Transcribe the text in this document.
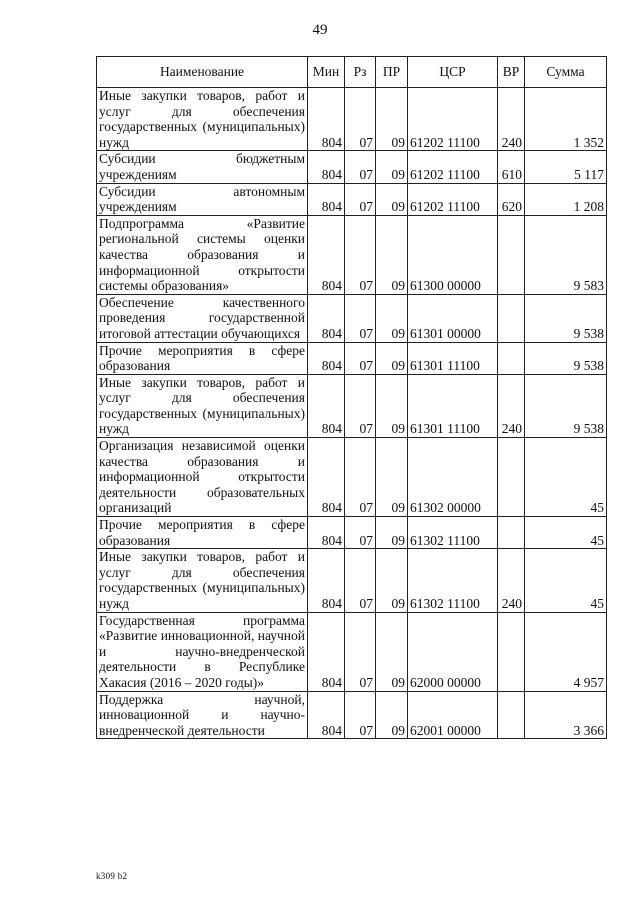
49
Наименование	Мин	Рз	ПР	ЦСР	ВР	Сумма
Иные закупки товаров, работ и услуг для обеспечения государственных (муниципальных) нужд	804	07	09	61202 11100	240	1 352
Субсидии бюджетным учреждениям	804	07	09	61202 11100	610	5 117
Субсидии автономным учреждениям	804	07	09	61202 11100	620	1 208
Подпрограмма «Развитие региональной системы оценки качества образования и информационной открытости системы образования»	804	07	09	61300 00000		9 583
Обеспечение качественного проведения государственной итоговой аттестации обучающихся	804	07	09	61301 00000		9 538
Прочие мероприятия в сфере образования	804	07	09	61301 11100		9 538
Иные закупки товаров, работ и услуг для обеспечения государственных (муниципальных) нужд	804	07	09	61301 11100	240	9 538
Организация независимой оценки качества образования и информационной открытости деятельности образовательных организаций	804	07	09	61302 00000		45
Прочие мероприятия в сфере образования	804	07	09	61302 11100		45
Иные закупки товаров, работ и услуг для обеспечения государственных (муниципальных) нужд	804	07	09	61302 11100	240	45
Государственная программа «Развитие инновационной, научной и научно-внедренческой деятельности в Республике Хакасия (2016 – 2020 годы)»	804	07	09	62000 00000		4 957
Поддержка научной, инновационной и научно-внедренческой деятельности	804	07	09	62001 00000		3 366
k309 b2
